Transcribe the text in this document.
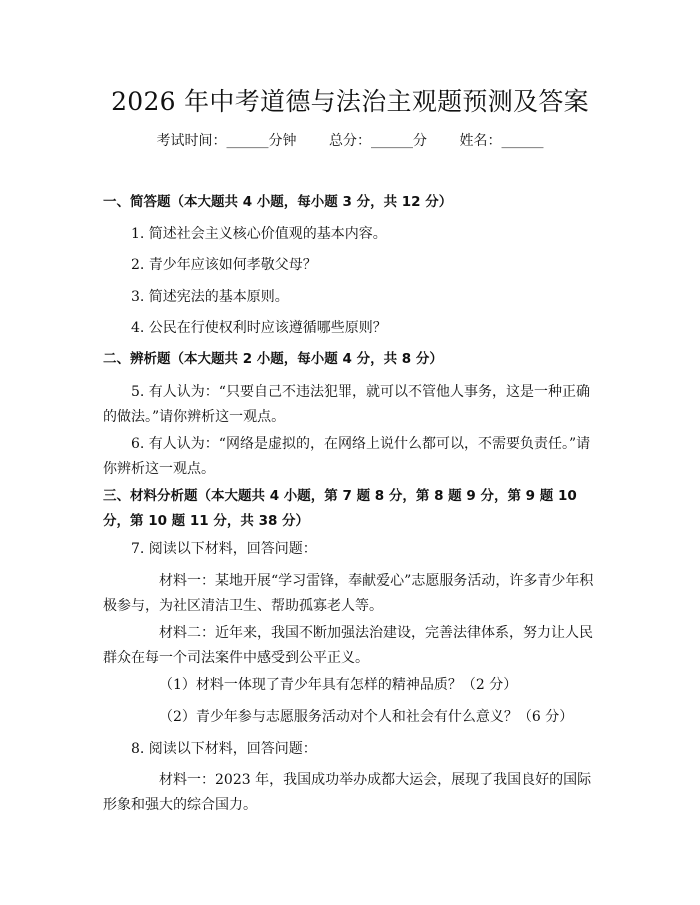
2026 年中考道德与法治主观题预测及答案
考试时间：______分钟 总分：______分 姓名：______
一、简答题（本大题共 4 小题，每小题 3 分，共 12 分）
1. 简述社会主义核心价值观的基本内容。
2. 青少年应该如何孝敬父母？
3. 简述宪法的基本原则。
4. 公民在行使权利时应该遵循哪些原则？
二、辨析题（本大题共 2 小题，每小题 4 分，共 8 分）
5. 有人认为：“只要自己不违法犯罪，就可以不管他人事务，这是一种正确的做法。”请你辨析这一观点。
6. 有人认为：“网络是虚拟的，在网络上说什么都可以，不需要负责任。”请你辨析这一观点。
三、材料分析题（本大题共 4 小题，第 7 题 8 分，第 8 题 9 分，第 9 题 10 分，第 10 题 11 分，共 38 分）
7. 阅读以下材料，回答问题：
材料一：某地开展“学习雷锋，奉献爱心”志愿服务活动，许多青少年积极参与，为社区清洁卫生、帮助孤寡老人等。
材料二：近年来，我国不断加强法治建设，完善法律体系，努力让人民群众在每一个司法案件中感受到公平正义。
（1）材料一体现了青少年具有怎样的精神品质？（2 分）
（2）青少年参与志愿服务活动对个人和社会有什么意义？（6 分）
8. 阅读以下材料，回答问题：
材料一：2023 年，我国成功举办成都大运会，展现了我国良好的国际形象和强大的综合国力。
